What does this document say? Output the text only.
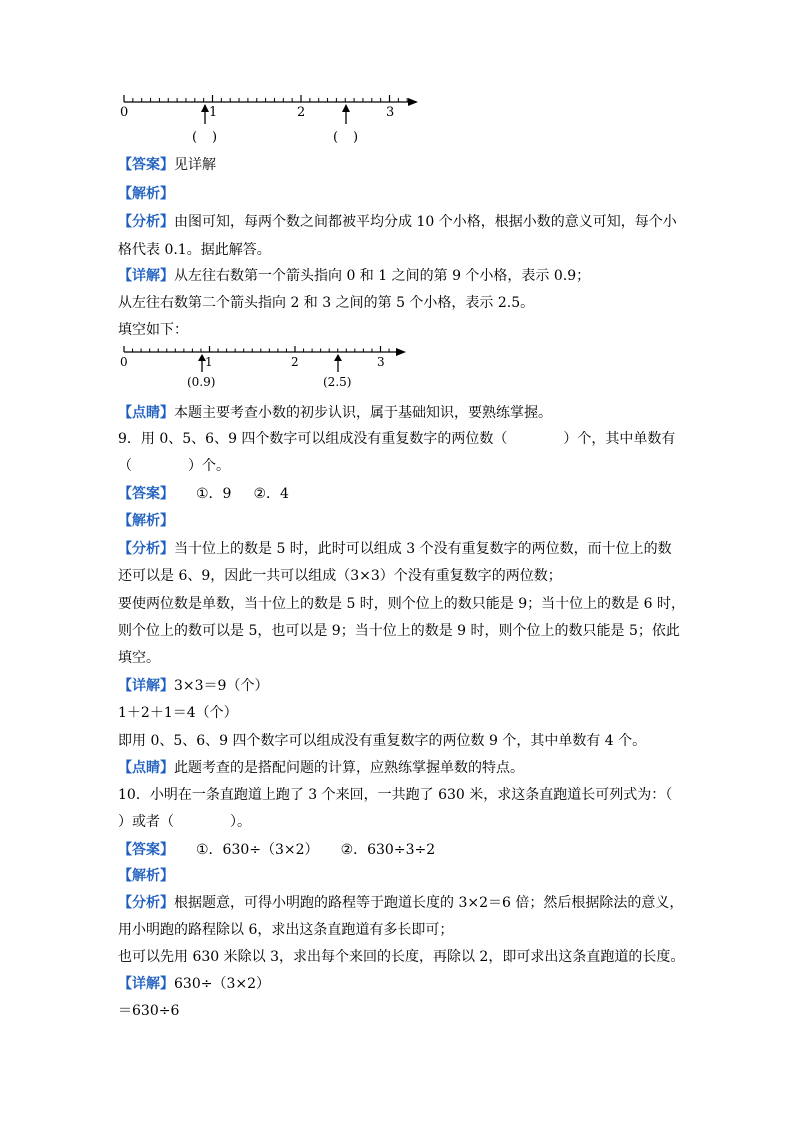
0	1	2	3
( )	( )

【答案】见详解

【解析】

【分析】由图可知，每两个数之间都被平均分成 10 个小格，根据小数的意义可知，每个小

格代表 0.1。据此解答。

【详解】从左往右数第一个箭头指向 0 和 1 之间的第 9 个小格，表示 0.9；

从左往右数第二个箭头指向 2 和 3 之间的第 5 个小格，表示 2.5。

填空如下：

0	1	2	3
(0.9)	(2.5)

【点睛】本题主要考查小数的初步认识，属于基础知识，要熟练掌握。

9．用 0、5、6、9 四个数字可以组成没有重复数字的两位数（　　　　）个，其中单数有

（　　　　）个。

【答案】 ①．9 ②．4

【解析】

【分析】当十位上的数是 5 时，此时可以组成 3 个没有重复数字的两位数，而十位上的数

还可以是 6、9，因此一共可以组成（3×3）个没有重复数字的两位数；

要使两位数是单数，当十位上的数是 5 时，则个位上的数只能是 9；当十位上的数是 6 时，

则个位上的数可以是 5，也可以是 9；当十位上的数是 9 时，则个位上的数只能是 5；依此

填空。

【详解】3×3＝9（个）

1＋2＋1＝4（个）

即用 0、5、6、9 四个数字可以组成没有重复数字的两位数 9 个，其中单数有 4 个。

【点睛】此题考查的是搭配问题的计算，应熟练掌握单数的特点。

10．小明在一条直跑道上跑了 3 个来回，一共跑了 630 米，求这条直跑道长可列式为：（

）或者（　　　　）。

【答案】 ①．630÷（3×2） ②．630÷3÷2

【解析】

【分析】根据题意，可得小明跑的路程等于跑道长度的 3×2＝6 倍；然后根据除法的意义，

用小明跑的路程除以 6，求出这条直跑道有多长即可；

也可以先用 630 米除以 3，求出每个来回的长度，再除以 2，即可求出这条直跑道的长度。

【详解】630÷（3×2）

＝630÷6
